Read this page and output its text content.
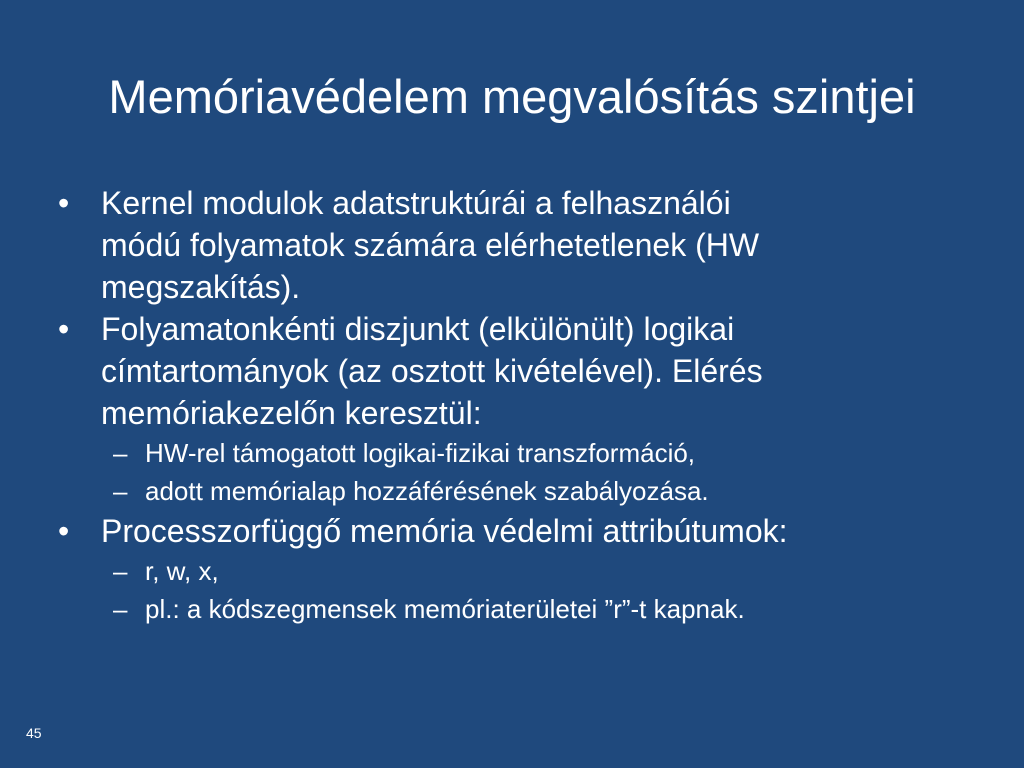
Memóriavédelem megvalósítás szintjei
• Kernel modulok adatstruktúrái a felhasználói
módú folyamatok számára elérhetetlenek (HW
megszakítás).
• Folyamatonkénti diszjunkt (elkülönült) logikai
címtartományok (az osztott kivételével). Elérés
memóriakezelőn keresztül:
– HW-rel támogatott logikai-fizikai transzformáció,
– adott memórialap hozzáférésének szabályozása.
• Processzorfüggő memória védelmi attribútumok:
– r, w, x,
– pl.: a kódszegmensek memóriaterületei ”r”-t kapnak.
45
